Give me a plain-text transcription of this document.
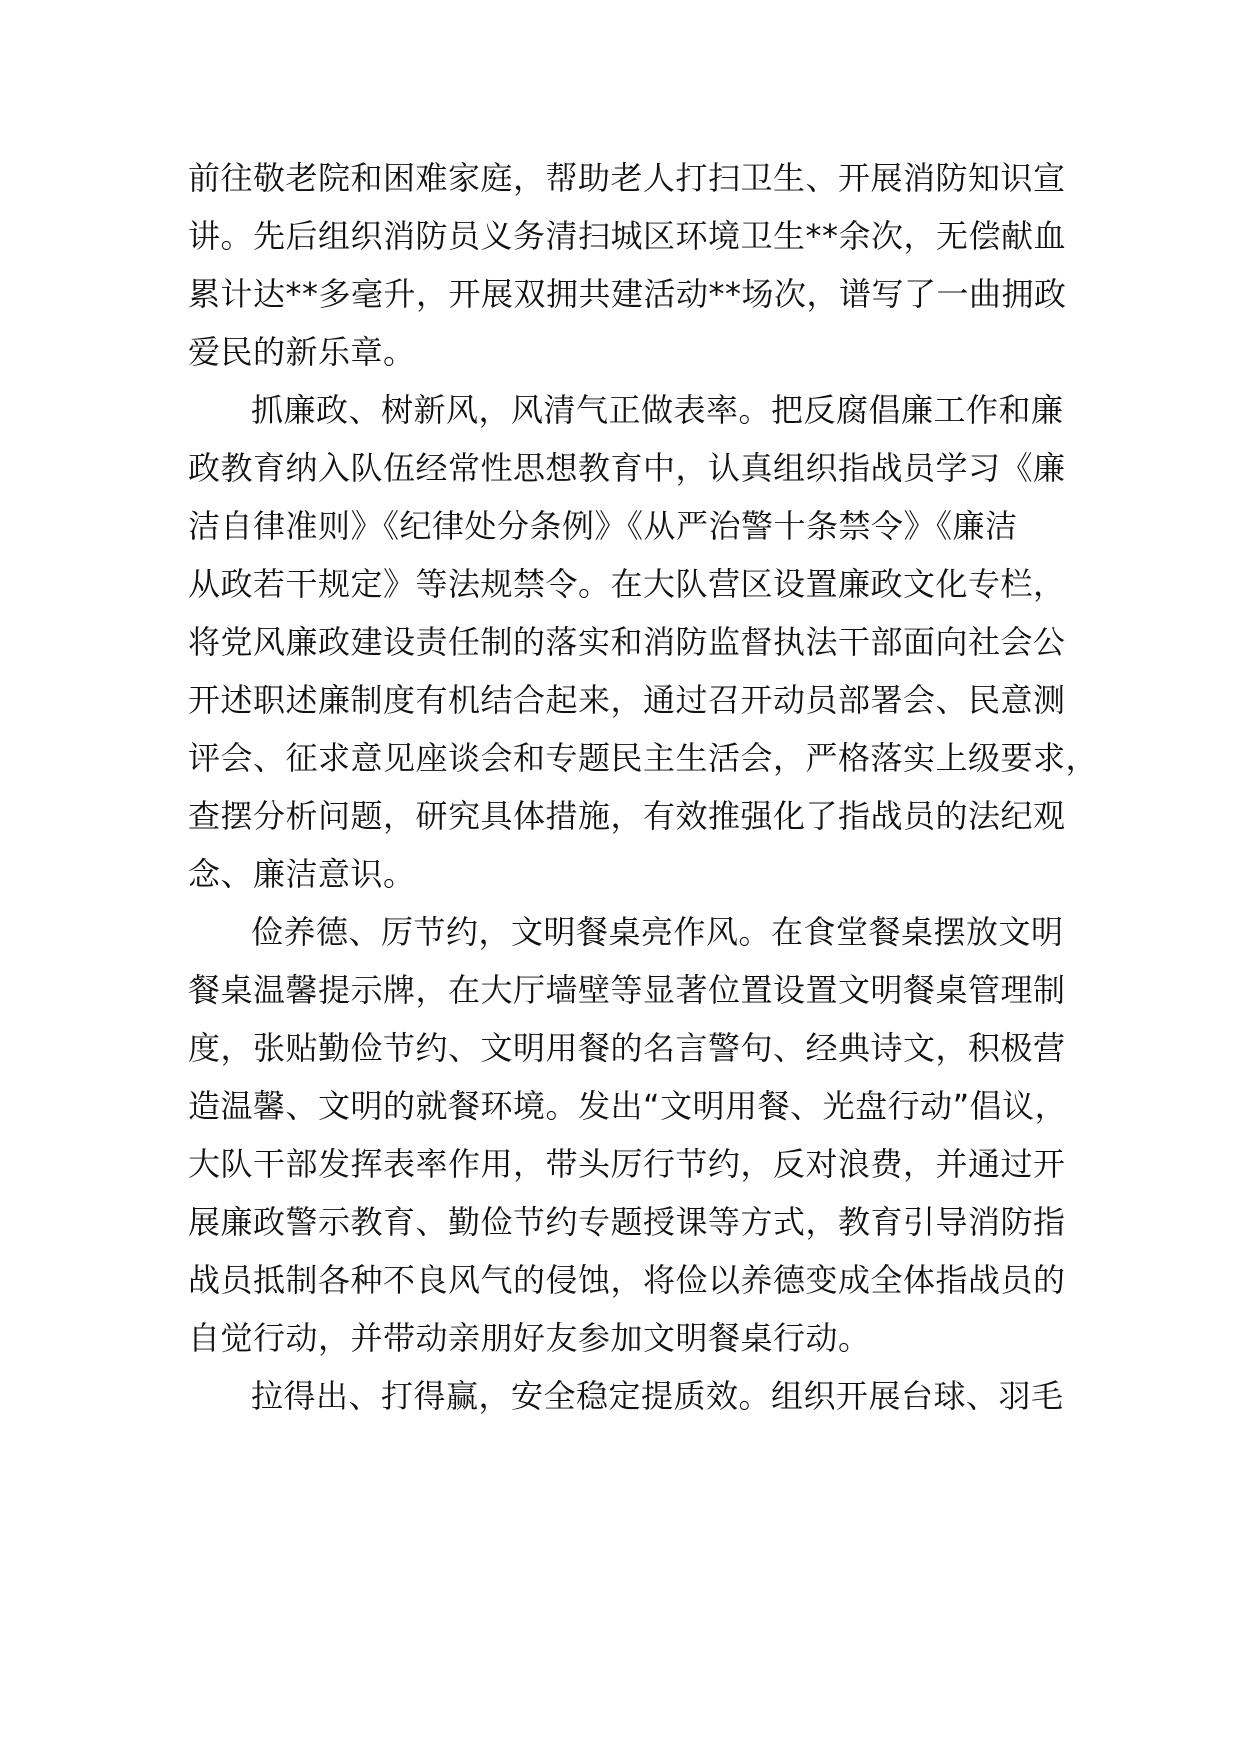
前往敬老院和困难家庭，帮助老人打扫卫生、开展消防知识宣
讲。先后组织消防员义务清扫城区环境卫生**余次，无偿献血
累计达**多毫升，开展双拥共建活动**场次，谱写了一曲拥政
爱民的新乐章。
抓廉政、树新风，风清气正做表率。把反腐倡廉工作和廉
政教育纳入队伍经常性思想教育中，认真组织指战员学习《廉
洁自律准则》《纪律处分条例》《从严治警十条禁令》《廉洁
从政若干规定》等法规禁令。在大队营区设置廉政文化专栏，
将党风廉政建设责任制的落实和消防监督执法干部面向社会公
开述职述廉制度有机结合起来，通过召开动员部署会、民意测
评会、征求意见座谈会和专题民主生活会，严格落实上级要求，
查摆分析问题，研究具体措施，有效推强化了指战员的法纪观
念、廉洁意识。
俭养德、厉节约，文明餐桌亮作风。在食堂餐桌摆放文明
餐桌温馨提示牌，在大厅墙壁等显著位置设置文明餐桌管理制
度，张贴勤俭节约、文明用餐的名言警句、经典诗文，积极营
造温馨、文明的就餐环境。发出“文明用餐、光盘行动”倡议，
大队干部发挥表率作用，带头厉行节约，反对浪费，并通过开
展廉政警示教育、勤俭节约专题授课等方式，教育引导消防指
战员抵制各种不良风气的侵蚀，将俭以养德变成全体指战员的
自觉行动，并带动亲朋好友参加文明餐桌行动。
拉得出、打得赢，安全稳定提质效。组织开展台球、羽毛
